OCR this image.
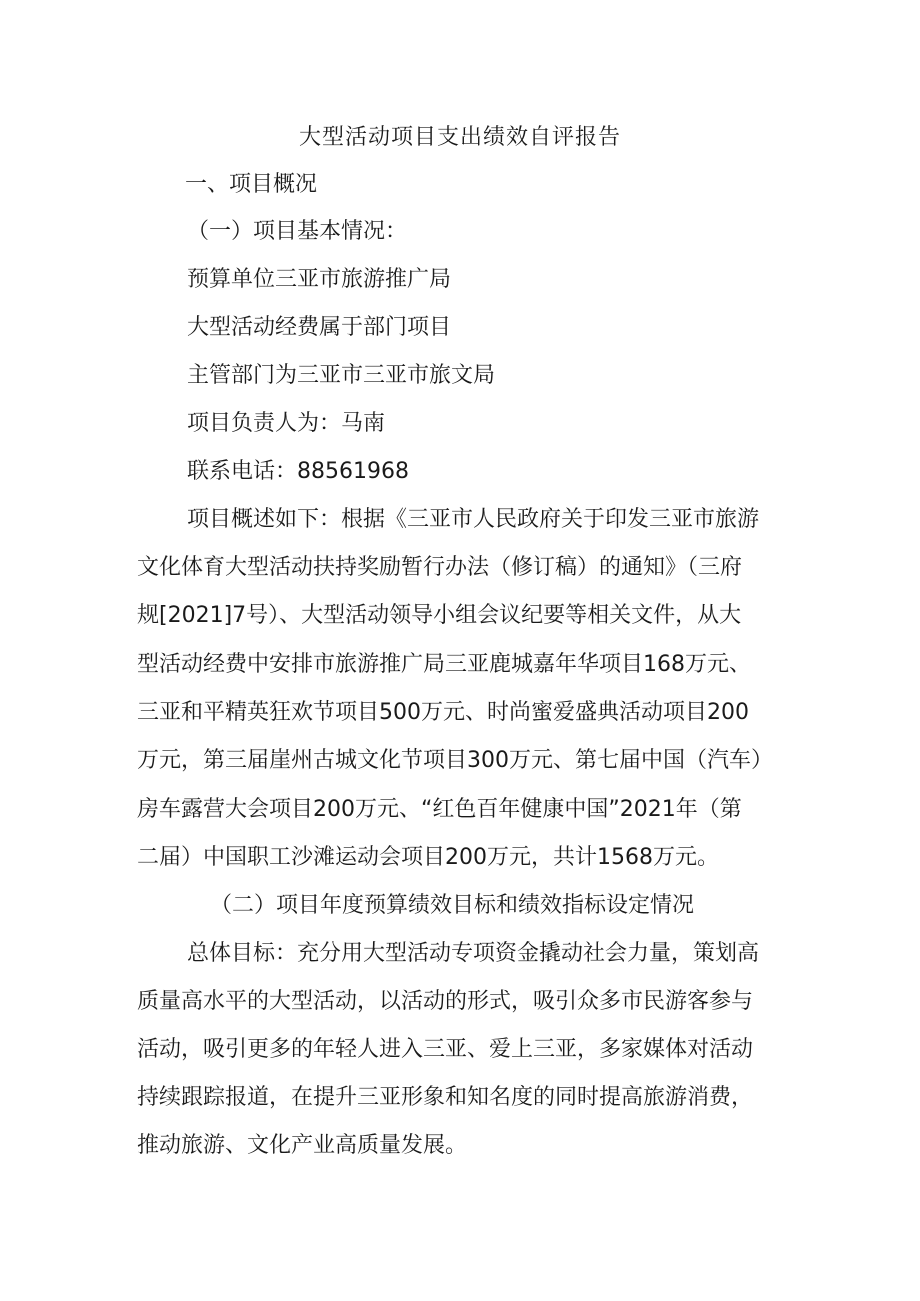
大型活动项目支出绩效自评报告
一、项目概况
（一）项目基本情况：
预算单位三亚市旅游推广局
大型活动经费属于部门项目
主管部门为三亚市三亚市旅文局
项目负责人为：马南
联系电话：88561968
项目概述如下：根据《三亚市人民政府关于印发三亚市旅游
文化体育大型活动扶持奖励暂行办法（修订稿）的通知》（三府
规[2021]7号）、大型活动领导小组会议纪要等相关文件，从大
型活动经费中安排市旅游推广局三亚鹿城嘉年华项目168万元、
三亚和平精英狂欢节项目500万元、时尚蜜爱盛典活动项目200
万元，第三届崖州古城文化节项目300万元、第七届中国（汽车）
房车露营大会项目200万元、“红色百年健康中国”2021年（第
二届）中国职工沙滩运动会项目200万元，共计1568万元。
（二）项目年度预算绩效目标和绩效指标设定情况
总体目标：充分用大型活动专项资金撬动社会力量，策划高
质量高水平的大型活动，以活动的形式，吸引众多市民游客参与
活动，吸引更多的年轻人进入三亚、爱上三亚，多家媒体对活动
持续跟踪报道，在提升三亚形象和知名度的同时提高旅游消费，
推动旅游、文化产业高质量发展。
